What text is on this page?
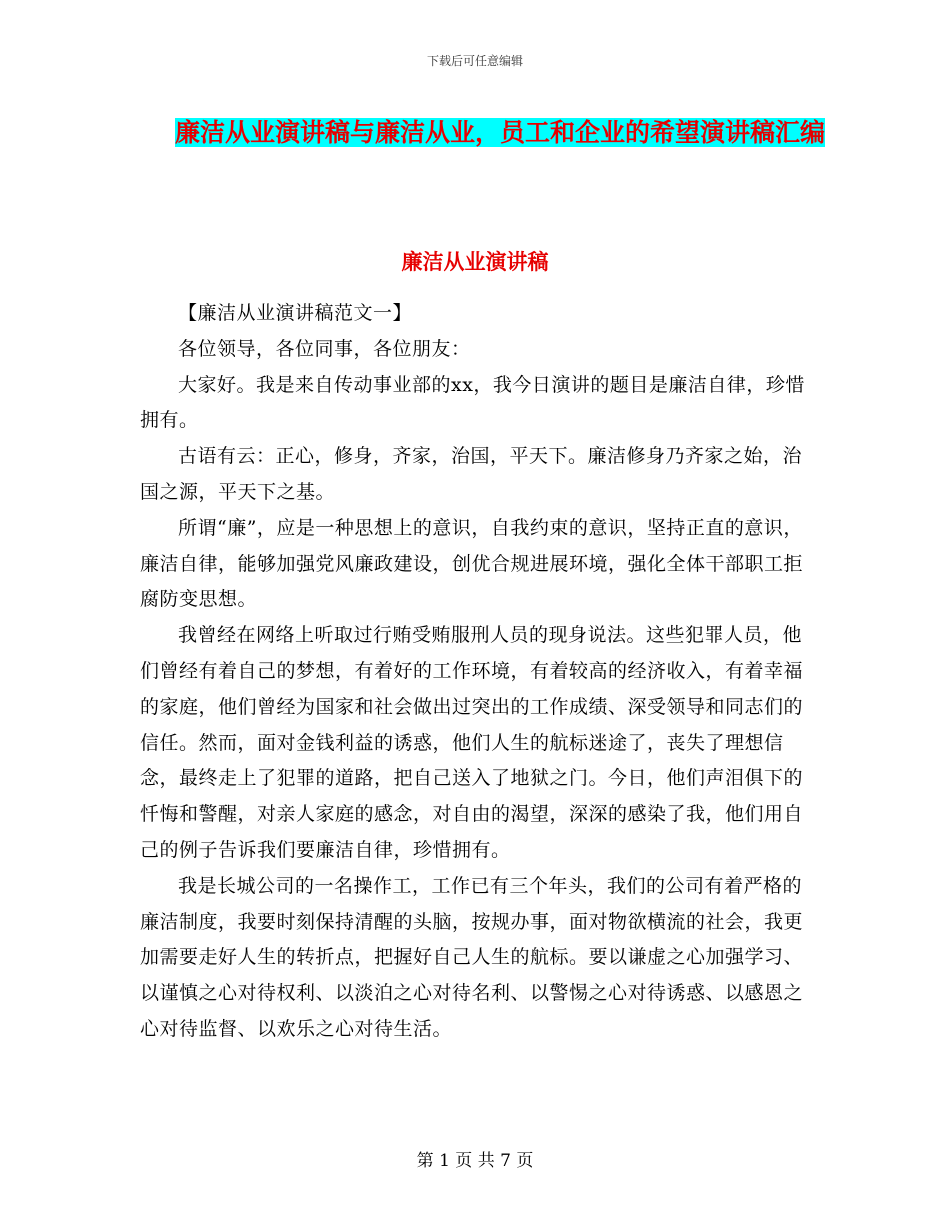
下载后可任意编辑
廉洁从业演讲稿与廉洁从业，员工和企业的希望演讲稿汇编
廉洁从业演讲稿

【廉洁从业演讲稿范文一】

各位领导，各位同事，各位朋友：

大家好。我是来自传动事业部的xx，我今日演讲的题目是廉洁自律，珍惜拥有。

古语有云：正心，修身，齐家，治国，平天下。廉洁修身乃齐家之始，治国之源，平天下之基。

所谓“廉”，应是一种思想上的意识，自我约束的意识，坚持正直的意识，廉洁自律，能够加强党风廉政建设，创优合规进展环境，强化全体干部职工拒腐防变思想。

我曾经在网络上听取过行贿受贿服刑人员的现身说法。这些犯罪人员，他们曾经有着自己的梦想，有着好的工作环境，有着较高的经济收入，有着幸福的家庭，他们曾经为国家和社会做出过突出的工作成绩、深受领导和同志们的信任。然而，面对金钱利益的诱惑，他们人生的航标迷途了，丧失了理想信念，最终走上了犯罪的道路，把自己送入了地狱之门。今日，他们声泪俱下的忏悔和警醒，对亲人家庭的感念，对自由的渴望，深深的感染了我，他们用自己的例子告诉我们要廉洁自律，珍惜拥有。

我是长城公司的一名操作工，工作已有三个年头，我们的公司有着严格的廉洁制度，我要时刻保持清醒的头脑，按规办事，面对物欲横流的社会，我更加需要走好人生的转折点，把握好自己人生的航标。要以谦虚之心加强学习、以谨慎之心对待权利、以淡泊之心对待名利、以警惕之心对待诱惑、以感恩之心对待监督、以欢乐之心对待生活。

第 1 页 共 7 页
